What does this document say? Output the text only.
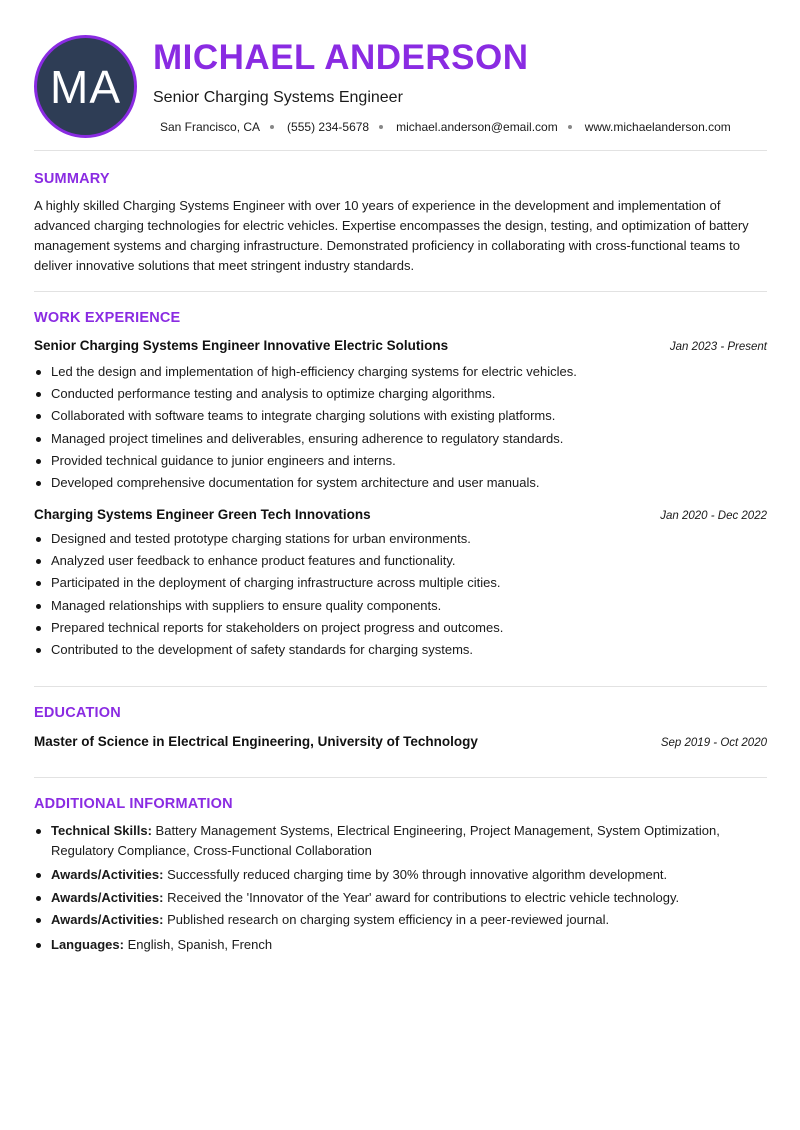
MA
MICHAEL ANDERSON
Senior Charging Systems Engineer
San Francisco, CA (555) 234-5678 michael.anderson@email.com www.michaelanderson.com
SUMMARY
A highly skilled Charging Systems Engineer with over 10 years of experience in the development and implementation of advanced charging technologies for electric vehicles. Expertise encompasses the design, testing, and optimization of battery management systems and charging infrastructure. Demonstrated proficiency in collaborating with cross-functional teams to deliver innovative solutions that meet stringent industry standards.
WORK EXPERIENCE
Senior Charging Systems Engineer Innovative Electric Solutions	Jan 2023 - Present
Led the design and implementation of high-efficiency charging systems for electric vehicles.
Conducted performance testing and analysis to optimize charging algorithms.
Collaborated with software teams to integrate charging solutions with existing platforms.
Managed project timelines and deliverables, ensuring adherence to regulatory standards.
Provided technical guidance to junior engineers and interns.
Developed comprehensive documentation for system architecture and user manuals.
Charging Systems Engineer Green Tech Innovations	Jan 2020 - Dec 2022
Designed and tested prototype charging stations for urban environments.
Analyzed user feedback to enhance product features and functionality.
Participated in the deployment of charging infrastructure across multiple cities.
Managed relationships with suppliers to ensure quality components.
Prepared technical reports for stakeholders on project progress and outcomes.
Contributed to the development of safety standards for charging systems.
EDUCATION
Master of Science in Electrical Engineering, University of Technology	Sep 2019 - Oct 2020
ADDITIONAL INFORMATION
Technical Skills: Battery Management Systems, Electrical Engineering, Project Management, System Optimization, Regulatory Compliance, Cross-Functional Collaboration
Awards/Activities: Successfully reduced charging time by 30% through innovative algorithm development.
Awards/Activities: Received the 'Innovator of the Year' award for contributions to electric vehicle technology.
Awards/Activities: Published research on charging system efficiency in a peer-reviewed journal.
Languages: English, Spanish, French
